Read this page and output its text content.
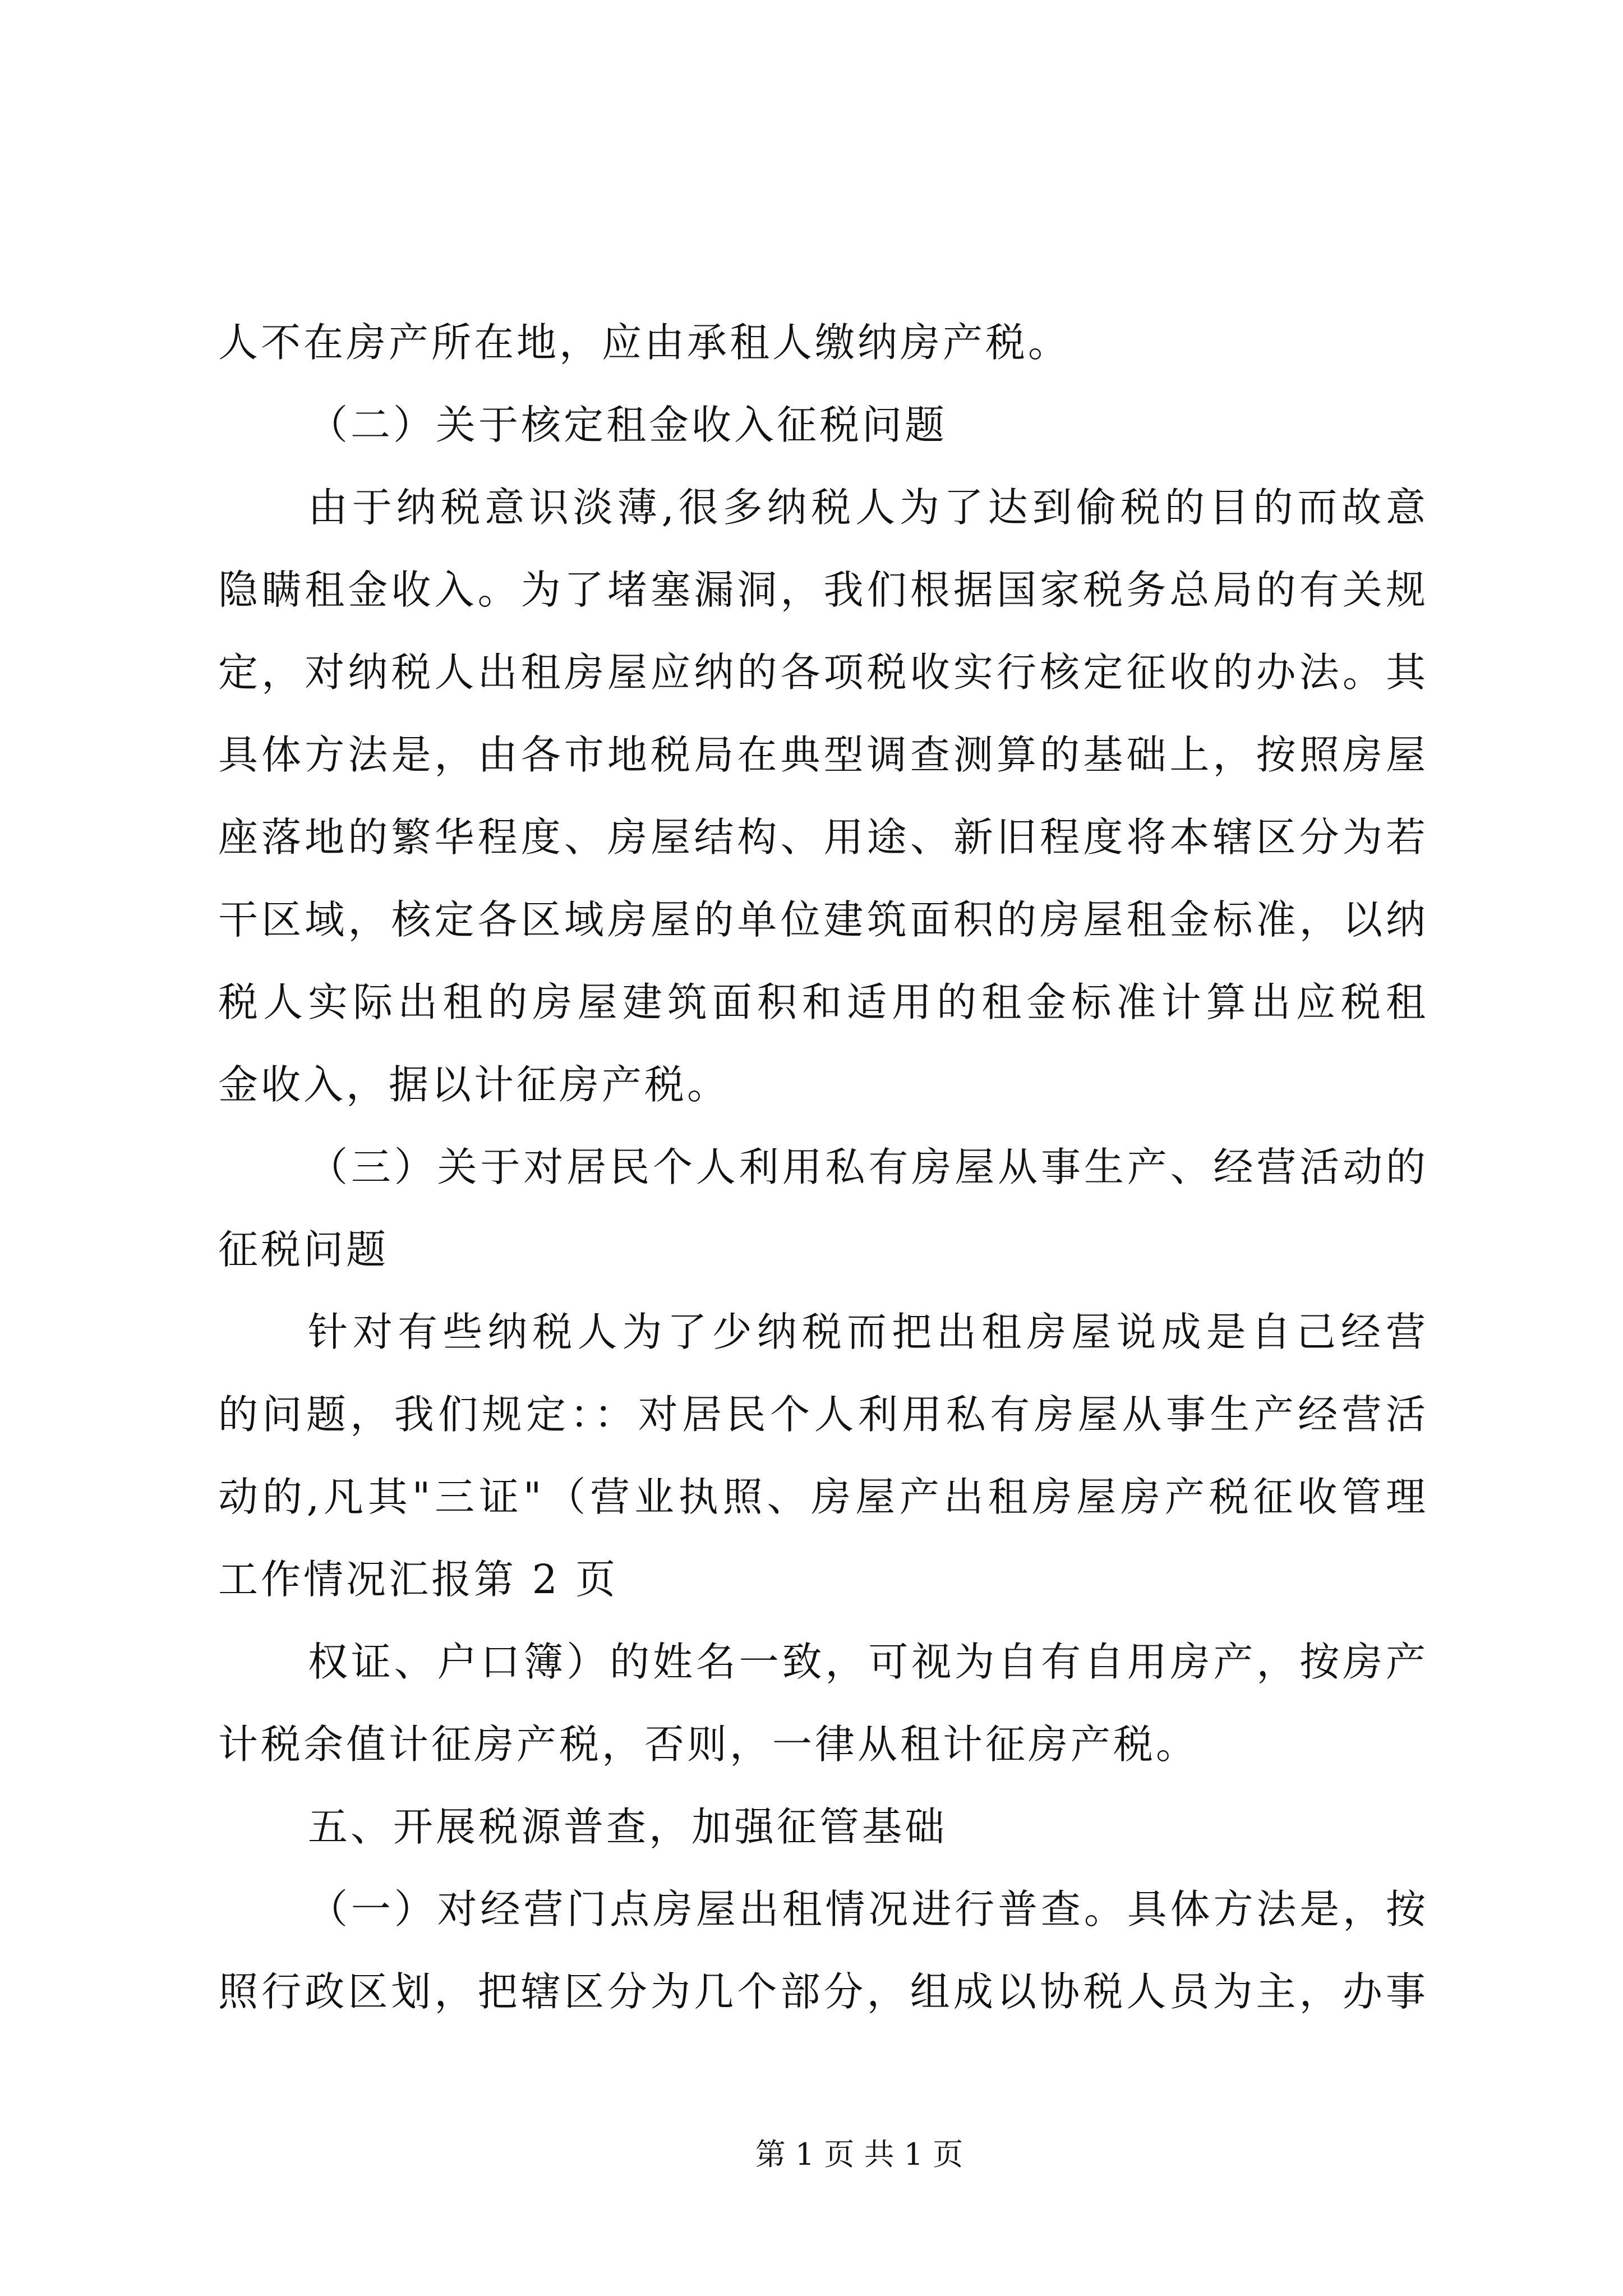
人不在房产所在地，应由承租人缴纳房产税。
（二）关于核定租金收入征税问题
由于纳税意识淡薄,很多纳税人为了达到偷税的目的而故意
隐瞒租金收入。为了堵塞漏洞，我们根据国家税务总局的有关规
定，对纳税人出租房屋应纳的各项税收实行核定征收的办法。其
具体方法是，由各市地税局在典型调查测算的基础上，按照房屋
座落地的繁华程度、房屋结构、用途、新旧程度将本辖区分为若
干区域，核定各区域房屋的单位建筑面积的房屋租金标准，以纳
税人实际出租的房屋建筑面积和适用的租金标准计算出应税租
金收入，据以计征房产税。
（三）关于对居民个人利用私有房屋从事生产、经营活动的
征税问题
针对有些纳税人为了少纳税而把出租房屋说成是自己经营
的问题，我们规定：：对居民个人利用私有房屋从事生产经营活
动的,凡其"三证"（营业执照、房屋产出租房屋房产税征收管理
工作情况汇报第 2 页
权证、户口簿）的姓名一致，可视为自有自用房产，按房产
计税余值计征房产税，否则，一律从租计征房产税。
五、开展税源普查，加强征管基础
（一）对经营门点房屋出租情况进行普查。具体方法是，按
照行政区划，把辖区分为几个部分，组成以协税人员为主，办事
第 1 页 共 1 页
